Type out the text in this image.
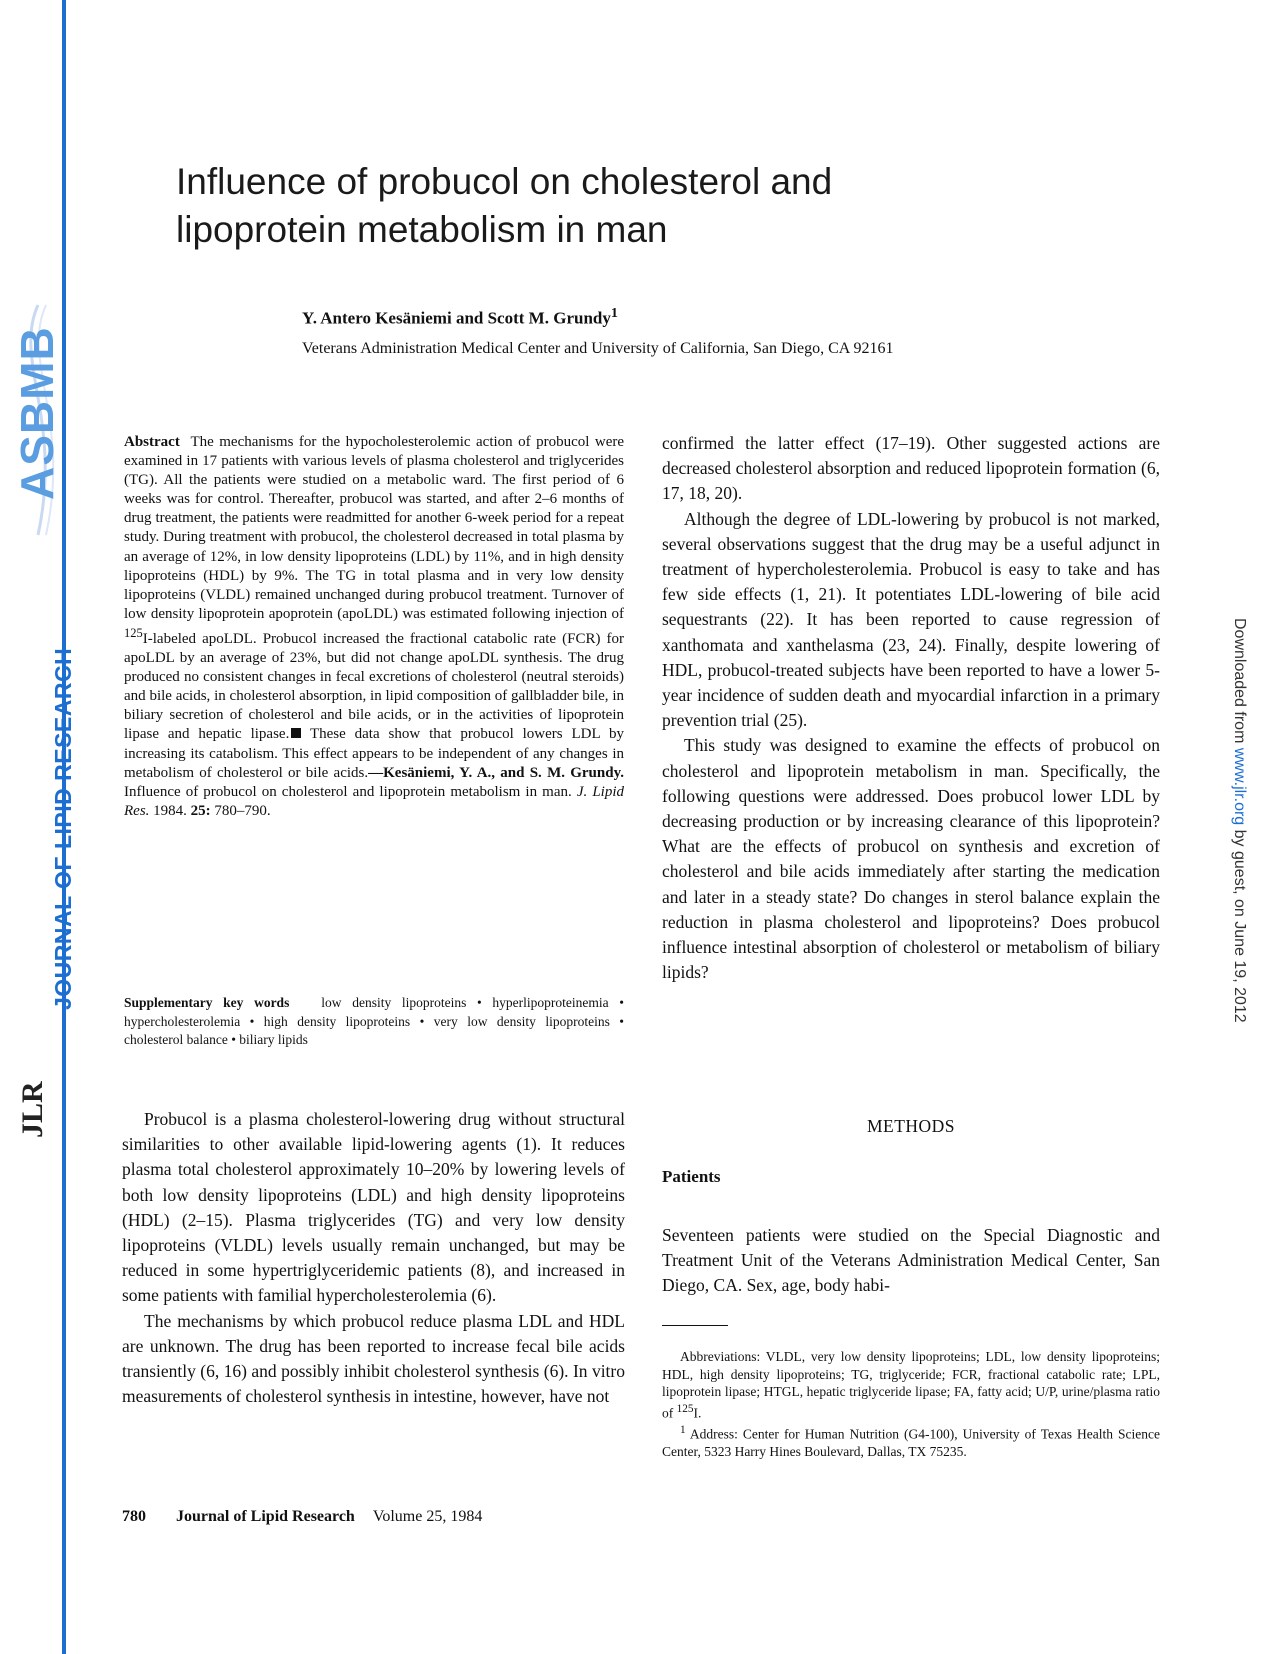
ASBMB
JOURNAL OF LIPID RESEARCH
JLR
Downloaded from www.jlr.org by guest, on June 19, 2012
Influence of probucol on cholesterol and
lipoprotein metabolism in man
Y. Antero Kesäniemi and Scott M. Grundy$^1$
Veterans Administration Medical Center and University of California, San Diego, CA 92161
Abstract The mechanisms for the hypocholesterolemic action of probucol were examined in 17 patients with various levels of plasma cholesterol and triglycerides (TG). All the patients were studied on a metabolic ward. The first period of 6 weeks was for control. Thereafter, probucol was started, and after 2–6 months of drug treatment, the patients were readmitted for another 6-week period for a repeat study. During treatment with probucol, the cholesterol decreased in total plasma by an average of 12%, in low density lipoproteins (LDL) by 11%, and in high density lipoproteins (HDL) by 9%. The TG in total plasma and in very low density lipoproteins (VLDL) remained unchanged during probucol treatment. Turnover of low density lipoprotein apoprotein (apoLDL) was estimated following injection of $^{125}$I-labeled apoLDL. Probucol increased the fractional catabolic rate (FCR) for apoLDL by an average of 23%, but did not change apoLDL synthesis. The drug produced no consistent changes in fecal excretions of cholesterol (neutral steroids) and bile acids, in cholesterol absorption, in lipid composition of gallbladder bile, in biliary secretion of cholesterol and bile acids, or in the activities of lipoprotein lipase and hepatic lipase. These data show that probucol lowers LDL by increasing its catabolism. This effect appears to be independent of any changes in metabolism of cholesterol or bile acids.—Kesäniemi, Y. A., and S. M. Grundy. Influence of probucol on cholesterol and lipoprotein metabolism in man. J. Lipid Res. 1984. 25: 780–790.
Supplementary key words low density lipoproteins • hyperlipoproteinemia • hypercholesterolemia • high density lipoproteins • very low density lipoproteins • cholesterol balance • biliary lipids

Probucol is a plasma cholesterol-lowering drug without structural similarities to other available lipid-lowering agents (1). It reduces plasma total cholesterol approximately 10–20% by lowering levels of both low density lipoproteins (LDL) and high density lipoproteins (HDL) (2–15). Plasma triglycerides (TG) and very low density lipoproteins (VLDL) levels usually remain unchanged, but may be reduced in some hypertriglyceridemic patients (8), and increased in some patients with familial hypercholesterolemia (6).

The mechanisms by which probucol reduce plasma LDL and HDL are unknown. The drug has been reported to increase fecal bile acids transiently (6, 16) and possibly inhibit cholesterol synthesis (6). In vitro measurements of cholesterol synthesis in intestine, however, have not

confirmed the latter effect (17–19). Other suggested actions are decreased cholesterol absorption and reduced lipoprotein formation (6, 17, 18, 20).

Although the degree of LDL-lowering by probucol is not marked, several observations suggest that the drug may be a useful adjunct in treatment of hypercholesterolemia. Probucol is easy to take and has few side effects (1, 21). It potentiates LDL-lowering of bile acid sequestrants (22). It has been reported to cause regression of xanthomata and xanthelasma (23, 24). Finally, despite lowering of HDL, probucol-treated subjects have been reported to have a lower 5-year incidence of sudden death and myocardial infarction in a primary prevention trial (25).

This study was designed to examine the effects of probucol on cholesterol and lipoprotein metabolism in man. Specifically, the following questions were addressed. Does probucol lower LDL by decreasing production or by increasing clearance of this lipoprotein? What are the effects of probucol on synthesis and excretion of cholesterol and bile acids immediately after starting the medication and later in a steady state? Do changes in sterol balance explain the reduction in plasma cholesterol and lipoproteins? Does probucol influence intestinal absorption of cholesterol or metabolism of biliary lipids?

METHODS
Patients

Seventeen patients were studied on the Special Diagnostic and Treatment Unit of the Veterans Administration Medical Center, San Diego, CA. Sex, age, body habi-

Abbreviations: VLDL, very low density lipoproteins; LDL, low density lipoproteins; HDL, high density lipoproteins; TG, triglyceride; FCR, fractional catabolic rate; LPL, lipoprotein lipase; HTGL, hepatic triglyceride lipase; FA, fatty acid; U/P, urine/plasma ratio of $^{125}$I.

$^1$ Address: Center for Human Nutrition (G4-100), University of Texas Health Science Center, 5323 Harry Hines Boulevard, Dallas, TX 75235.

780 Journal of Lipid Research Volume 25, 1984
